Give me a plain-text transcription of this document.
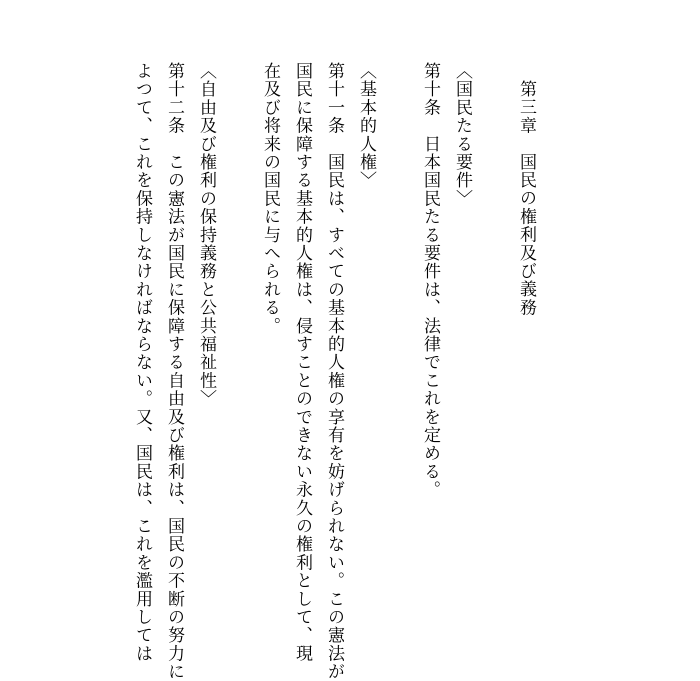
第三章　国民の権利及び義務
〈国民たる要件〉
第十条　日本国民たる要件は、法律でこれを定める。
〈基本的人権〉
第十一条　国民は、すべての基本的人権の享有を妨げられない。この憲法が
国民に保障する基本的人権は、侵すことのできない永久の権利として、現
在及び将来の国民に与へられる。
〈自由及び権利の保持義務と公共福祉性〉
第十二条　この憲法が国民に保障する自由及び権利は、国民の不断の努力に
よつて、これを保持しなければならない。又、国民は、これを濫用しては
